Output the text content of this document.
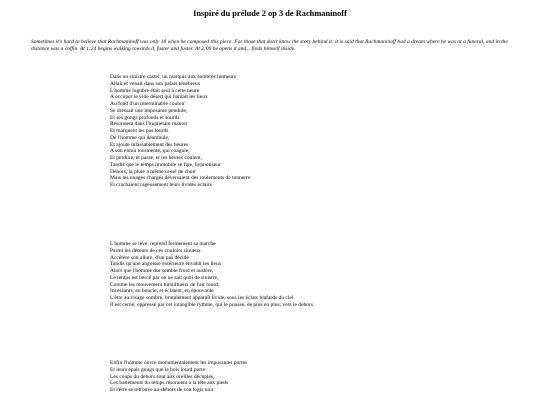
Inspiré du prélude 2 op 3 de Rachmaninoff

Sometimes it's hard to believe that Rachmaninoff was only 18 when he composed this piece. For those that don't know the story behind it: it is said that Rachmaninoff had a dream where he was at a funeral, and in the distance was a coffin. At 1:24 begins walking towards it, faster and faster. At 2:09 he opens it and... finds himself inside.

Dans un sinistre castel, un marquis aux sombres humeurs
Allait et venait dans son palais ténébreux
L'homme lugubre était seul à cette heure
A occuper le vide désert qui hantait les lieux
Au fond d'un interminable couloir
Se dressait une imposante pendule,
Et ses gongs profonds et sourds
Résonnent dans l'inquiétant manoir
Et marquent les pas lourds
De l'homme qui déambule,
Et ajoute inlassablement des heures
A son ennui tourmenté, qui coagule,
Et perdure, et passe, et les heures coulent,
Tandis que le temps immobile se fige, hypnotiseur
Dehors, la pluie a même cessé de choir
Mais les nuages chargés déversaient des roulements de tonnerre
Et crachaient rageusement leurs livides éclairs
L'homme se lève, reprend fermement sa marche
Parmi les détours de ces couloirs sinueux
Accélère son allure, d'un pas décidé
Tandis qu'une angoisse extérieure envahit les lieux
Alors que l'homme dur semble froid et austère,
Le temps est bercé par on ne sait quoi de sinistre,
Comme les mouvement tumultueux de l'air lourd,
Incessants, en boucle, et éclatent, en épouvante
L'être au visage sombre, brutalement apparaît livide, sous les éclats blafards du ciel
Il est cerné, oppressé par cet intangible rythme, qui le pousse, de plus en plus, vers le dehors
Enfin l'homme ouvre monumentalement les imposantes portes
Et leurs épais gongs que le bois lourd porte
Les coups du dehors sont aux oreilles décuplés,
Les battements du temps résonnent à la tête aux pieds
Et l'être se retrouve au-dehors de son logis noir
